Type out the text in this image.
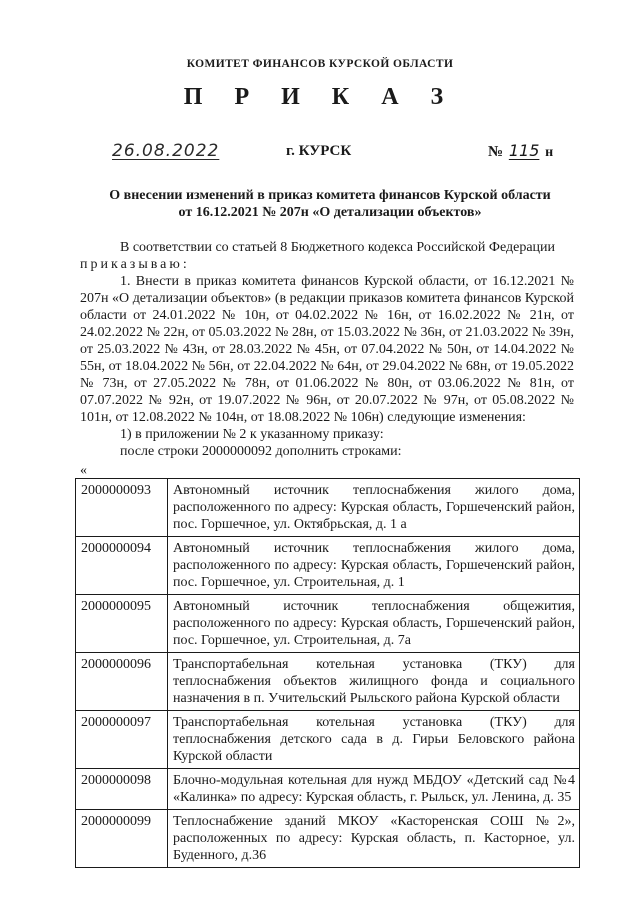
КОМИТЕТ ФИНАНСОВ КУРСКОЙ ОБЛАСТИ
П Р И К А З
26.08.2022	г. КУРСК	№ 115 н
О внесении изменений в приказ комитета финансов Курской области
от 16.12.2021 № 207н «О детализации объектов»

В соответствии со статьей 8 Бюджетного кодекса Российской Федерации

приказываю:

1. Внести в приказ комитета финансов Курской области, от 16.12.2021 № 207н «О детализации объектов» (в редакции приказов комитета финансов Курской области от 24.01.2022 № 10н, от 04.02.2022 № 16н, от 16.02.2022 № 21н, от 24.02.2022 № 22н, от 05.03.2022 № 28н, от 15.03.2022 № 36н, от 21.03.2022 № 39н, от 25.03.2022 № 43н, от 28.03.2022 № 45н, от 07.04.2022 № 50н, от 14.04.2022 № 55н, от 18.04.2022 № 56н, от 22.04.2022 № 64н, от 29.04.2022 № 68н, от 19.05.2022 № 73н, от 27.05.2022 № 78н, от 01.06.2022 № 80н, от 03.06.2022 № 81н, от 07.07.2022 № 92н, от 19.07.2022 № 96н, от 20.07.2022 № 97н, от 05.08.2022 № 101н, от 12.08.2022 № 104н, от 18.08.2022 № 106н) следующие изменения:

1) в приложении № 2 к указанному приказу:

после строки 2000000092 дополнить строками:

«
2000000093	Автономный источник теплоснабжения жилого дома, расположенного по адресу: Курская область, Горшеченский район, пос. Горшечное, ул. Октябрьская, д. 1 а
2000000094	Автономный источник теплоснабжения жилого дома, расположенного по адресу: Курская область, Горшеченский район, пос. Горшечное, ул. Строительная, д. 1
2000000095	Автономный источник теплоснабжения общежития, расположенного по адресу: Курская область, Горшеченский район, пос. Горшечное, ул. Строительная, д. 7а
2000000096	Транспортабельная котельная установка (ТКУ) для теплоснабжения объектов жилищного фонда и социального назначения в п. Учительский Рыльского района Курской области
2000000097	Транспортабельная котельная установка (ТКУ) для теплоснабжения детского сада в д. Гирьи Беловского района Курской области
2000000098	Блочно-модульная котельная для нужд МБДОУ «Детский сад №4 «Калинка» по адресу: Курская область, г. Рыльск, ул. Ленина, д. 35
2000000099	Теплоснабжение зданий МКОУ «Касторенская СОШ №2», расположенных по адресу: Курская область, п. Касторное, ул. Буденного, д.36
